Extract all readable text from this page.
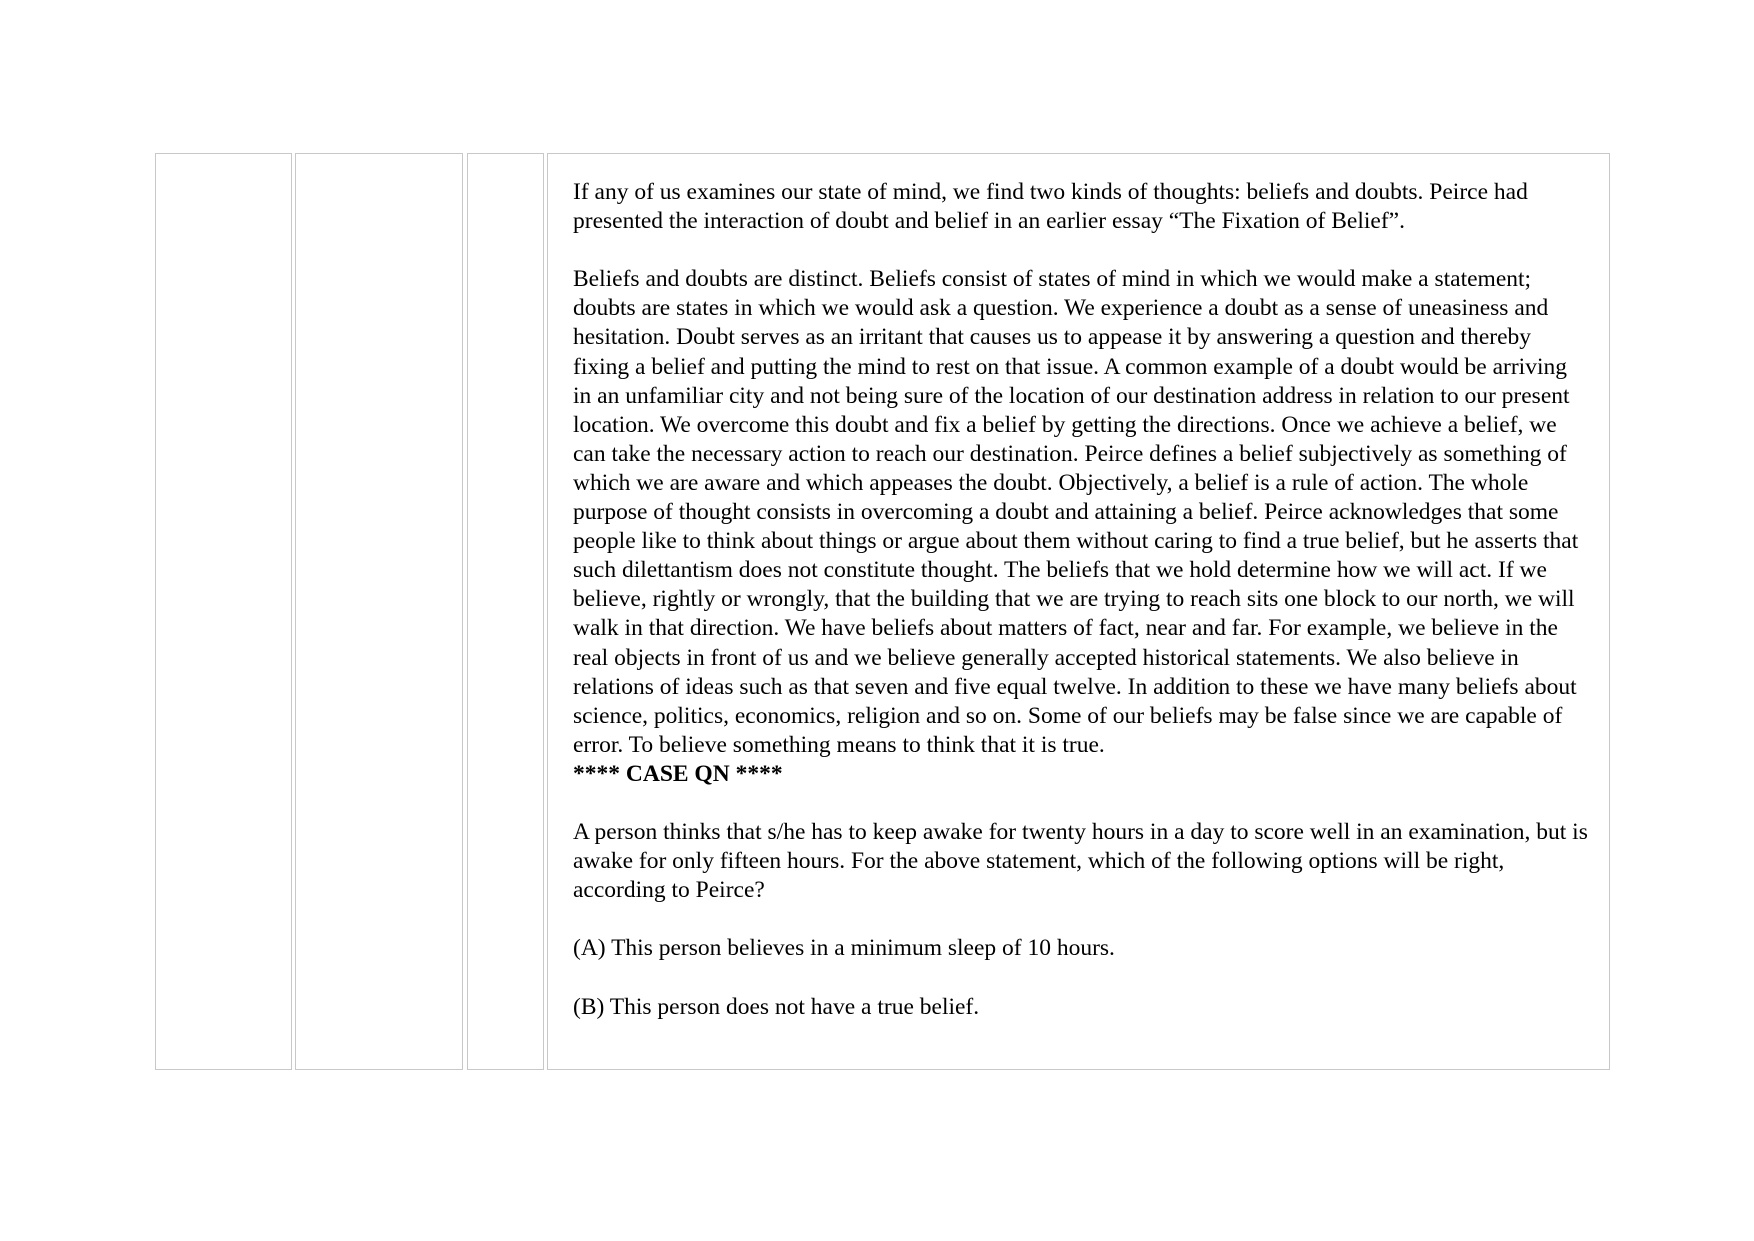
If any of us examines our state of mind, we find two kinds of thoughts: beliefs and doubts. Peirce had presented the interaction of doubt and belief in an earlier essay “The Fixation of Belief”.

Beliefs and doubts are distinct. Beliefs consist of states of mind in which we would make a statement; doubts are states in which we would ask a question. We experience a doubt as a sense of uneasiness and hesitation. Doubt serves as an irritant that causes us to appease it by answering a question and thereby fixing a belief and putting the mind to rest on that issue. A common example of a doubt would be arriving in an unfamiliar city and not being sure of the location of our destination address in relation to our present location. We overcome this doubt and fix a belief by getting the directions. Once we achieve a belief, we can take the necessary action to reach our destination. Peirce defines a belief subjectively as something of which we are aware and which appeases the doubt. Objectively, a belief is a rule of action. The whole purpose of thought consists in overcoming a doubt and attaining a belief. Peirce acknowledges that some people like to think about things or argue about them without caring to find a true belief, but he asserts that such dilettantism does not constitute thought. The beliefs that we hold determine how we will act. If we believe, rightly or wrongly, that the building that we are trying to reach sits one block to our north, we will walk in that direction. We have beliefs about matters of fact, near and far. For example, we believe in the real objects in front of us and we believe generally accepted historical statements. We also believe in relations of ideas such as that seven and five equal twelve. In addition to these we have many beliefs about science, politics, economics, religion and so on. Some of our beliefs may be false since we are capable of error. To believe something means to think that it is true.

**** CASE QN ****

A person thinks that s/he has to keep awake for twenty hours in a day to score well in an examination, but is awake for only fifteen hours. For the above statement, which of the following options will be right, according to Peirce?

(A) This person believes in a minimum sleep of 10 hours.

(B) This person does not have a true belief.
